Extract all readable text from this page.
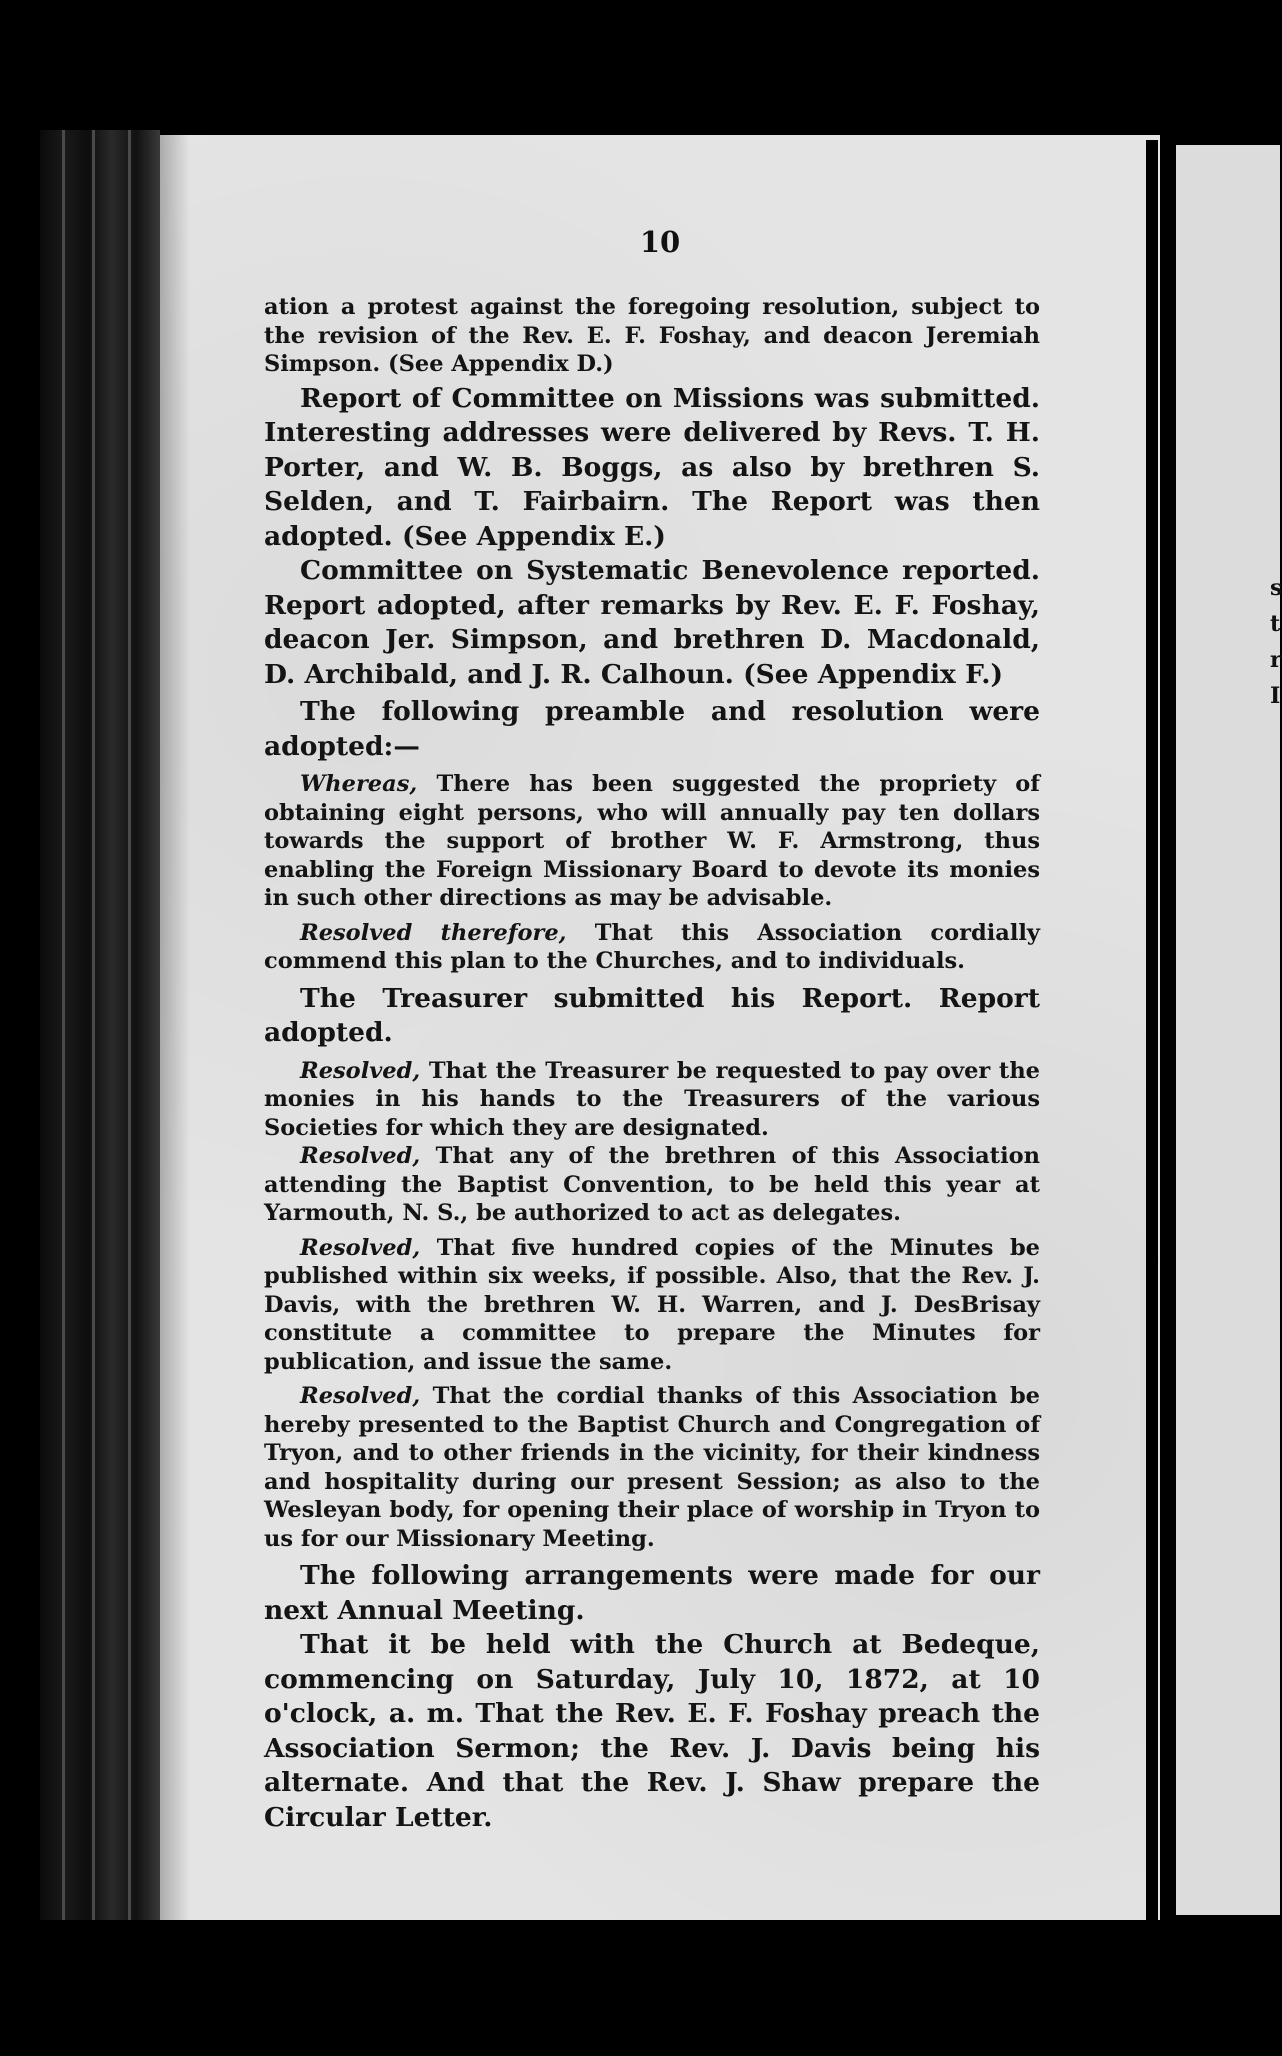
10

ation a protest against the foregoing resolution, subject to the revision of the Rev. E. F. Foshay, and deacon Jeremiah Simpson. (See Appendix D.)

Report of Committee on Missions was submitted. Interesting addresses were delivered by Revs. T. H. Porter, and W. B. Boggs, as also by brethren S. Selden, and T. Fairbairn. The Report was then adopted. (See Appendix E.)

Committee on Systematic Benevolence reported. Report adopted, after remarks by Rev. E. F. Foshay, deacon Jer. Simpson, and brethren D. Macdonald, D. Archibald, and J. R. Calhoun. (See Appendix F.)

The following preamble and resolution were adopted:—

Whereas, There has been suggested the propriety of obtaining eight persons, who will annually pay ten dollars towards the support of brother W. F. Armstrong, thus enabling the Foreign Missionary Board to devote its monies in such other directions as may be advisable.

Resolved therefore, That this Association cordially commend this plan to the Churches, and to individuals.

The Treasurer submitted his Report. Report adopted.

Resolved, That the Treasurer be requested to pay over the monies in his hands to the Treasurers of the various Societies for which they are designated.

Resolved, That any of the brethren of this Association attending the Baptist Convention, to be held this year at Yarmouth, N. S., be authorized to act as delegates.

Resolved, That five hundred copies of the Minutes be published within six weeks, if possible. Also, that the Rev. J. Davis, with the brethren W. H. Warren, and J. DesBrisay constitute a committee to prepare the Minutes for publication, and issue the same.

Resolved, That the cordial thanks of this Association be hereby presented to the Baptist Church and Congregation of Tryon, and to other friends in the vicinity, for their kindness and hospitality during our present Session; as also to the Wesleyan body, for opening their place of worship in Tryon to us for our Missionary Meeting.

The following arrangements were made for our next Annual Meeting.

That it be held with the Church at Bedeque, commencing on Saturday, July 10, 1872, at 10 o'clock, a. m. That the Rev. E. F. Foshay preach the Association Sermon; the Rev. J. Davis being his alternate. And that the Rev. J. Shaw prepare the Circular Letter.

s
t
r
I
